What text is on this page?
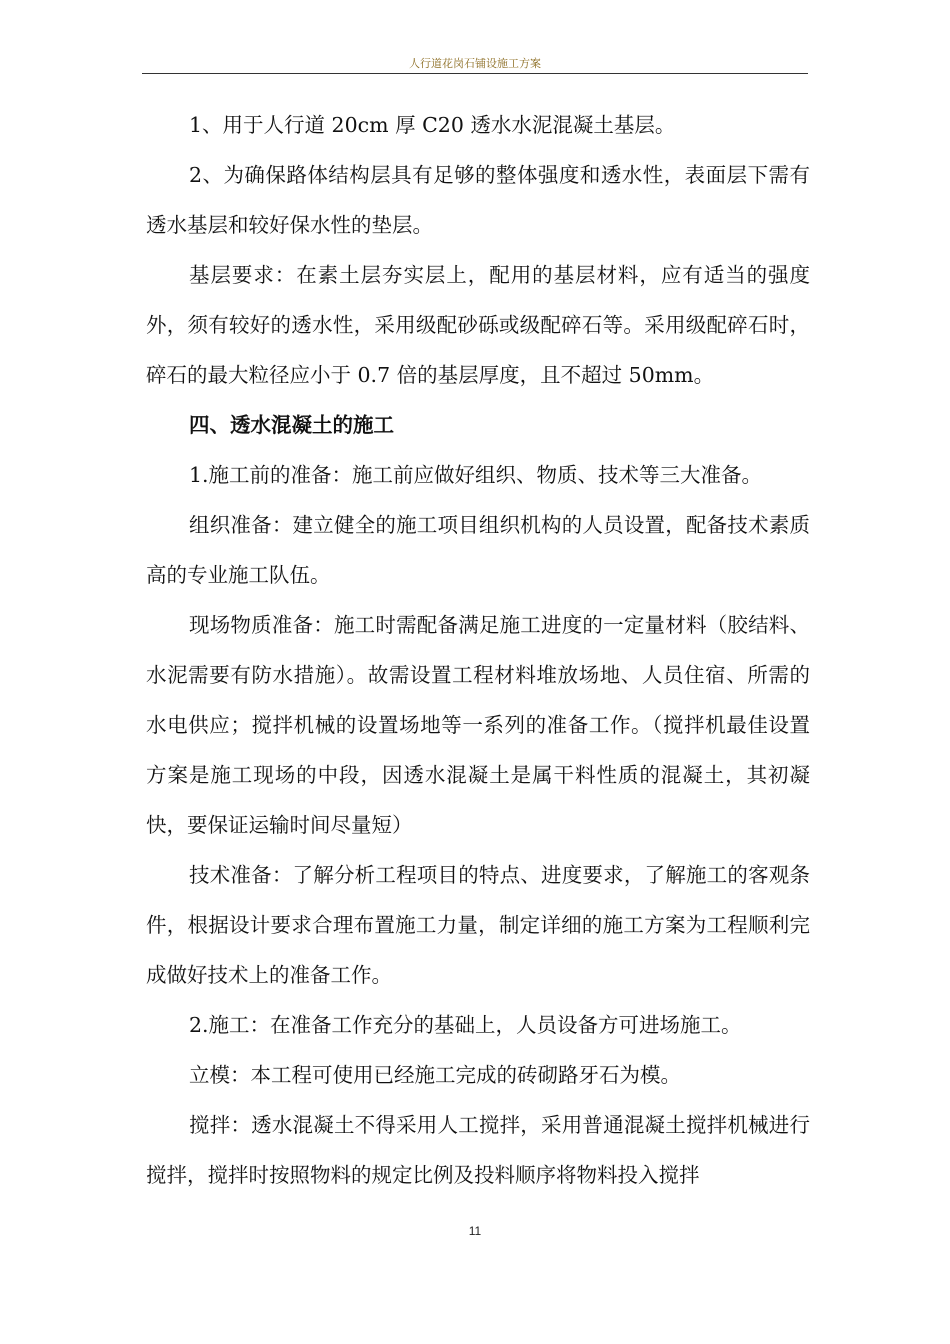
人行道花岗石铺设施工方案

1、用于人行道 20cm 厚 C20 透水水泥混凝土基层。

2、为确保路体结构层具有足够的整体强度和透水性，表面层下需有透水基层和较好保水性的垫层。

基层要求：在素土层夯实层上，配用的基层材料，应有适当的强度外，须有较好的透水性，采用级配砂砾或级配碎石等。采用级配碎石时，碎石的最大粒径应小于 0.7 倍的基层厚度，且不超过 50mm。

四、透水混凝土的施工

1.施工前的准备：施工前应做好组织、物质、技术等三大准备。

组织准备：建立健全的施工项目组织机构的人员设置，配备技术素质高的专业施工队伍。

现场物质准备：施工时需配备满足施工进度的一定量材料（胶结料、水泥需要有防水措施）。故需设置工程材料堆放场地、人员住宿、所需的水电供应；搅拌机械的设置场地等一系列的准备工作。（搅拌机最佳设置方案是施工现场的中段，因透水混凝土是属干料性质的混凝土，其初凝快，要保证运输时间尽量短）

技术准备：了解分析工程项目的特点、进度要求，了解施工的客观条件，根据设计要求合理布置施工力量，制定详细的施工方案为工程顺利完成做好技术上的准备工作。

2.施工：在准备工作充分的基础上，人员设备方可进场施工。

立模：本工程可使用已经施工完成的砖砌路牙石为模。

搅拌：透水混凝土不得采用人工搅拌，采用普通混凝土搅拌机械进行搅拌，搅拌时按照物料的规定比例及投料顺序将物料投入搅拌

11
